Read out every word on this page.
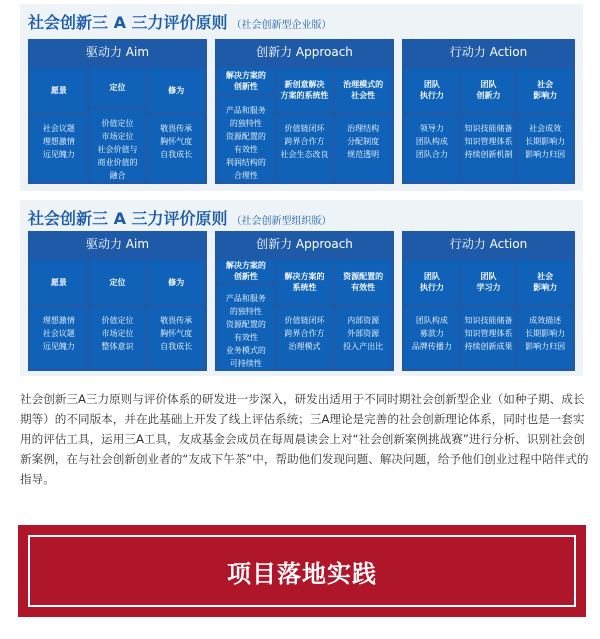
社会创新三 A 三力评价原则 （社会创新型企业版）
驱动力 Aim
愿景
社会议题
理想激情
远见魄力
定位
价值定位
市场定位
社会价值与
商业价值的
融合
修为
敬畏传承
胸怀气度
自我成长
创新力 Approach
解决方案的
创新性
产品和服务
的独特性
资源配置的
有效性
利润结构的
合理性
新创意解决
方案的系统性
价值链闭环
跨界合作方
社会生态改良
治理模式的
社会性
治理结构
分配制度
规范透明
行动力 Action
团队
执行力
领导力
团队构成
团队合力
团队
创新力
知识技能储备
知识管理体系
持续创新机制
社会
影响力
社会成效
长期影响力
影响力归因
社会创新三 A 三力评价原则 （社会创新型组织版）
驱动力 Aim
愿景
理想激情
社会议题
远见魄力
定位
价值定位
市场定位
整体意识
修为
敬畏传承
胸怀气度
自我成长
创新力 Approach
解决方案的
创新性
产品和服务
的独特性
资源配置的
有效性
业务模式的
可持续性
解决方案的
系统性
价值链闭环
跨界合作方
治理模式
资源配置的
有效性
内部资源
外部资源
投入产出比
行动力 Action
团队
执行力
团队构成
募款力
品牌传播力
团队
学习力
知识技能储备
知识管理体系
持续创新成果
社会
影响力
成效描述
长期影响力
影响力归因

社会创新三A三力原则与评价体系的研发进一步深入，研发出适用于不同时期社会创新型企业（如种子期、成长期等）的不同版本，并在此基础上开发了线上评估系统；三A理论是完善的社会创新理论体系，同时也是一套实用的评估工具，运用三A工具，友成基金会成员在每周晨读会上对“社会创新案例挑战赛”进行分析、识别社会创新案例，在与社会创新创业者的“友成下午茶”中，帮助他们发现问题、解决问题，给予他们创业过程中陪伴式的指导。

项目落地实践
